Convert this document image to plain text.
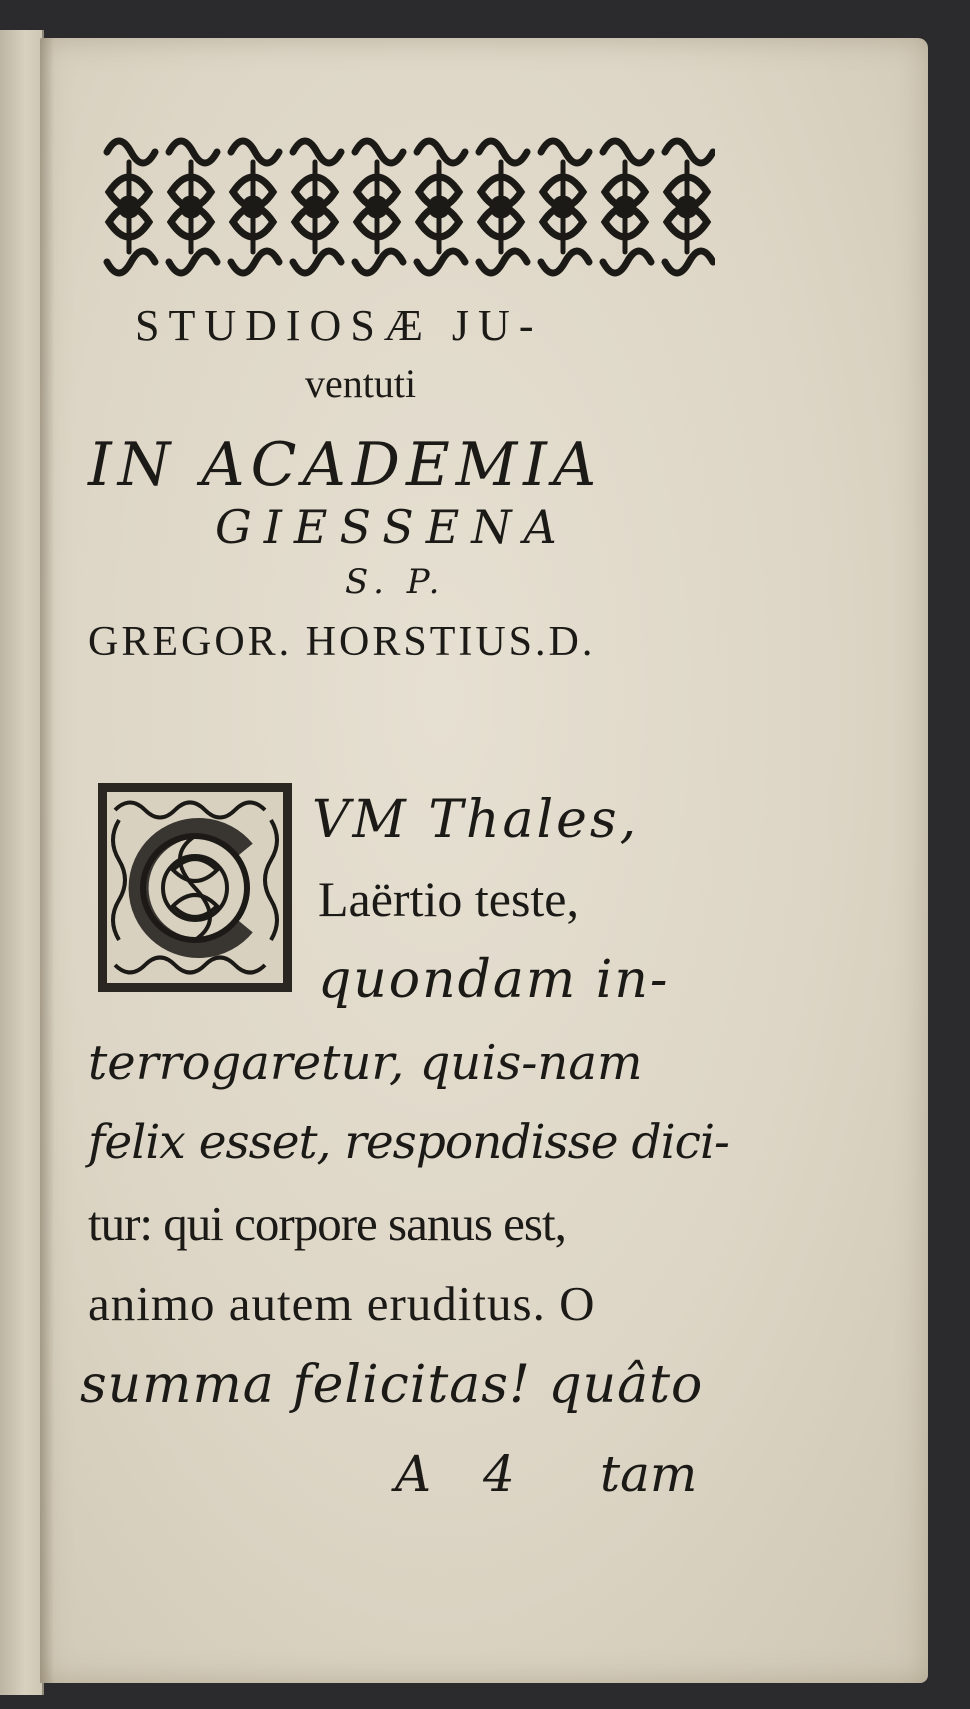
STUDIOSÆ JU-
ventuti
IN ACADEMIA
GIESSENA
S. P.
GREGOR. HORSTIUS.D.
VM Thales,
Laërtio teste,
quondam in-
terrogaretur, quis-nam
felix esset, respondisse dici-
tur: qui corpore sanus est,
animo autem eruditus. O
summa felicitas! quâto
A 4 tam
